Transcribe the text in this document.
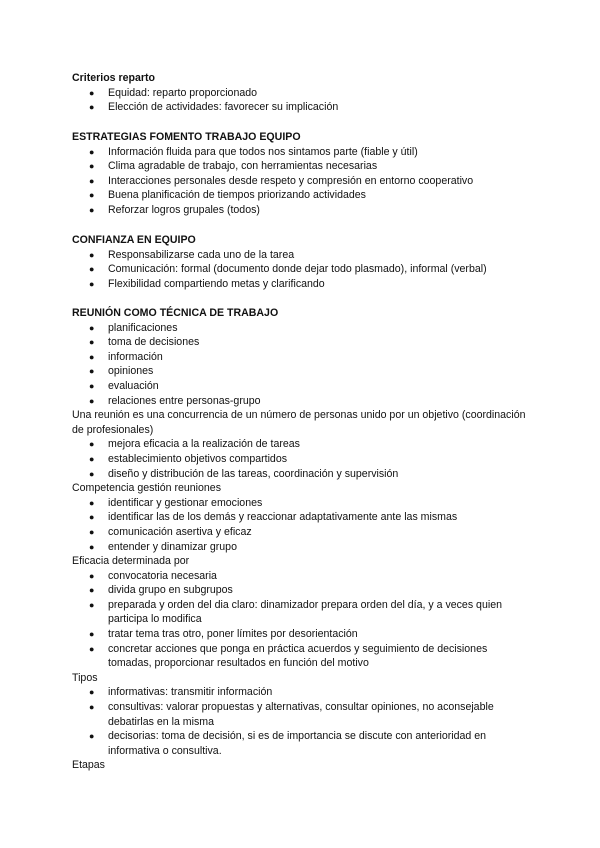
Criterios reparto

● Equidad: reparto proporcionado
● Elección de actividades: favorecer su implicación

ESTRATEGIAS FOMENTO TRABAJO EQUIPO

● Información fluida para que todos nos sintamos parte (fiable y útil)
● Clima agradable de trabajo, con herramientas necesarias
● Interacciones personales desde respeto y compresión en entorno cooperativo
● Buena planificación de tiempos priorizando actividades
● Reforzar logros grupales (todos)

CONFIANZA EN EQUIPO

● Responsabilizarse cada uno de la tarea
● Comunicación: formal (documento donde dejar todo plasmado), informal (verbal)
● Flexibilidad compartiendo metas y clarificando

REUNIÓN COMO TÉCNICA DE TRABAJO

● planificaciones
● toma de decisiones
● información
● opiniones
● evaluación
● relaciones entre personas-grupo

Una reunión es una concurrencia de un número de personas unido por un objetivo (coordinación de profesionales)

● mejora eficacia a la realización de tareas
● establecimiento objetivos compartidos
● diseño y distribución de las tareas, coordinación y supervisión

Competencia gestión reuniones

● identificar y gestionar emociones
● identificar las de los demás y reaccionar adaptativamente ante las mismas
● comunicación asertiva y eficaz
● entender y dinamizar grupo

Eficacia determinada por

● convocatoria necesaria
● divida grupo en subgrupos
● preparada y orden del dia claro: dinamizador prepara orden del día, y a veces quien participa lo modifica
● tratar tema tras otro, poner límites por desorientación
● concretar acciones que ponga en práctica acuerdos y seguimiento de decisiones tomadas, proporcionar resultados en función del motivo

Tipos

● informativas: transmitir información
● consultivas: valorar propuestas y alternativas, consultar opiniones, no aconsejable debatirlas en la misma
● decisorias: toma de decisión, si es de importancia se discute con anterioridad en informativa o consultiva.

Etapas
